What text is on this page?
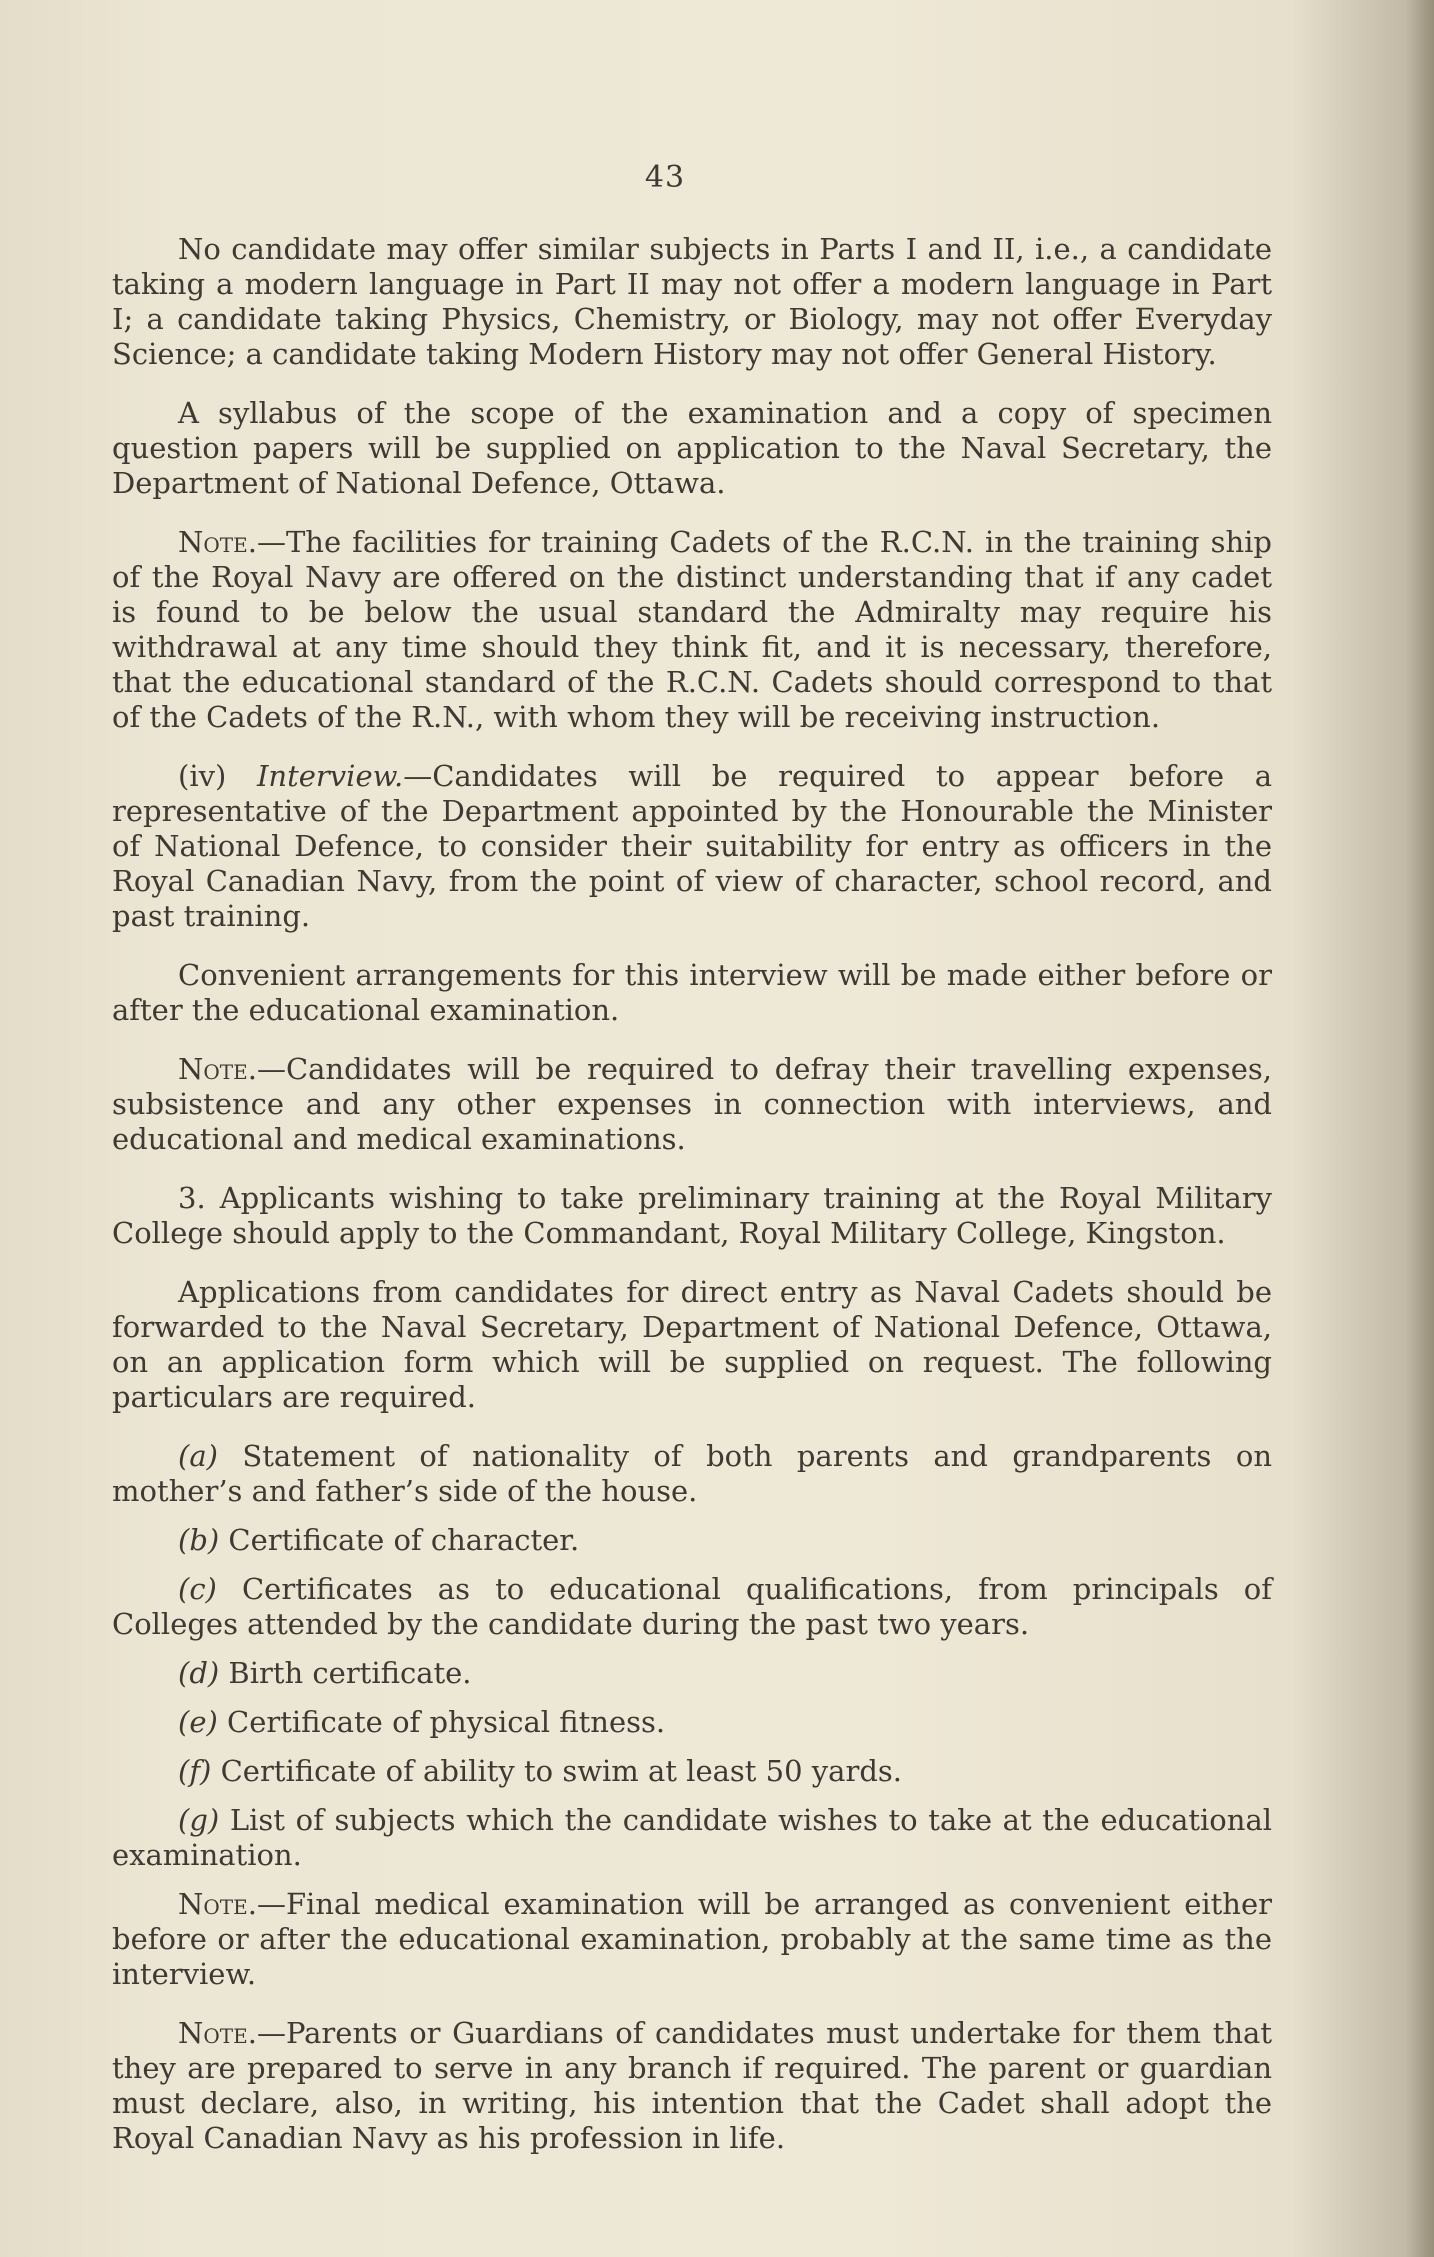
43

No candidate may offer similar subjects in Parts I and II, i.e., a candidate taking a modern language in Part II may not offer a modern language in Part I; a candidate taking Physics, Chemistry, or Biology, may not offer Everyday Science; a candidate taking Modern History may not offer General History.

A syllabus of the scope of the examination and a copy of specimen question papers will be supplied on application to the Naval Secretary, the Department of National Defence, Ottawa.

Note.—The facilities for training Cadets of the R.C.N. in the training ship of the Royal Navy are offered on the distinct understanding that if any cadet is found to be below the usual standard the Admiralty may require his withdrawal at any time should they think fit, and it is necessary, therefore, that the educational standard of the R.C.N. Cadets should correspond to that of the Cadets of the R.N., with whom they will be receiving instruction.

(iv) Interview.—Candidates will be required to appear before a representative of the Department appointed by the Honourable the Minister of National Defence, to consider their suitability for entry as officers in the Royal Canadian Navy, from the point of view of character, school record, and past training.

Convenient arrangements for this interview will be made either before or after the educational examination.

Note.—Candidates will be required to defray their travelling expenses, subsistence and any other expenses in connection with interviews, and educational and medical examinations.

3. Applicants wishing to take preliminary training at the Royal Military College should apply to the Commandant, Royal Military College, Kingston.

Applications from candidates for direct entry as Naval Cadets should be forwarded to the Naval Secretary, Department of National Defence, Ottawa, on an application form which will be supplied on request. The following particulars are required.

(a) Statement of nationality of both parents and grandparents on mother’s and father’s side of the house.

(b) Certificate of character.

(c) Certificates as to educational qualifications, from principals of Colleges attended by the candidate during the past two years.

(d) Birth certificate.

(e) Certificate of physical fitness.

(f) Certificate of ability to swim at least 50 yards.

(g) List of subjects which the candidate wishes to take at the educational examination.

Note.—Final medical examination will be arranged as convenient either before or after the educational examination, probably at the same time as the interview.

Note.—Parents or Guardians of candidates must undertake for them that they are prepared to serve in any branch if required. The parent or guardian must declare, also, in writing, his intention that the Cadet shall adopt the Royal Canadian Navy as his profession in life.
